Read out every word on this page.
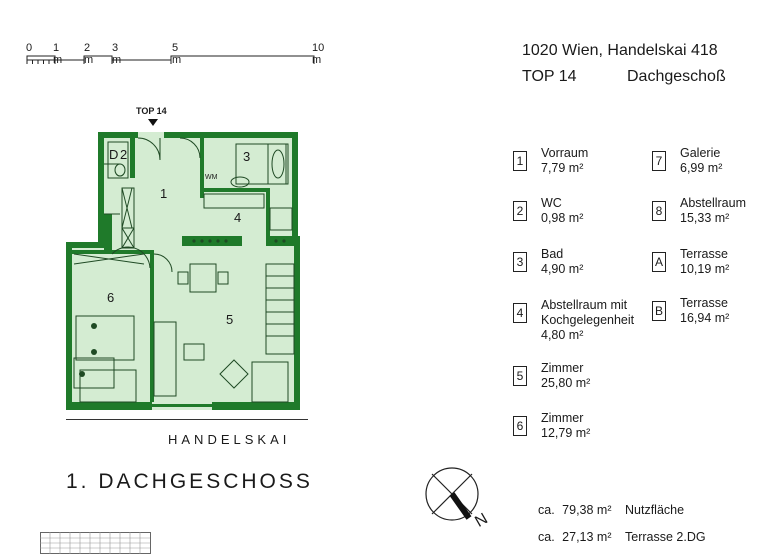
1020 Wien, Handelskai 418
TOP 14	Dachgeschoß
0 1 m
2 m
3 m
5 m
10 m
TOP 14
D 2
1
3
WM
4
5
6
HANDELSKAI
1. DACHGESCHOSS
1
Vorraum
7,79 m²
2
WC
0,98 m²
3
Bad
4,90 m²
4
Abstellraum mit
Kochgelegenheit
4,80 m²
5
Zimmer
25,80 m²
6
Zimmer
12,79 m²
7
Galerie
6,99 m²
8
Abstellraum
15,33 m²
A
Terrasse
10,19 m²
B
Terrasse
16,94 m²
N
ca. 79,38 m² Nutzfläche
ca. 27,13 m² Terrasse 2.DG
